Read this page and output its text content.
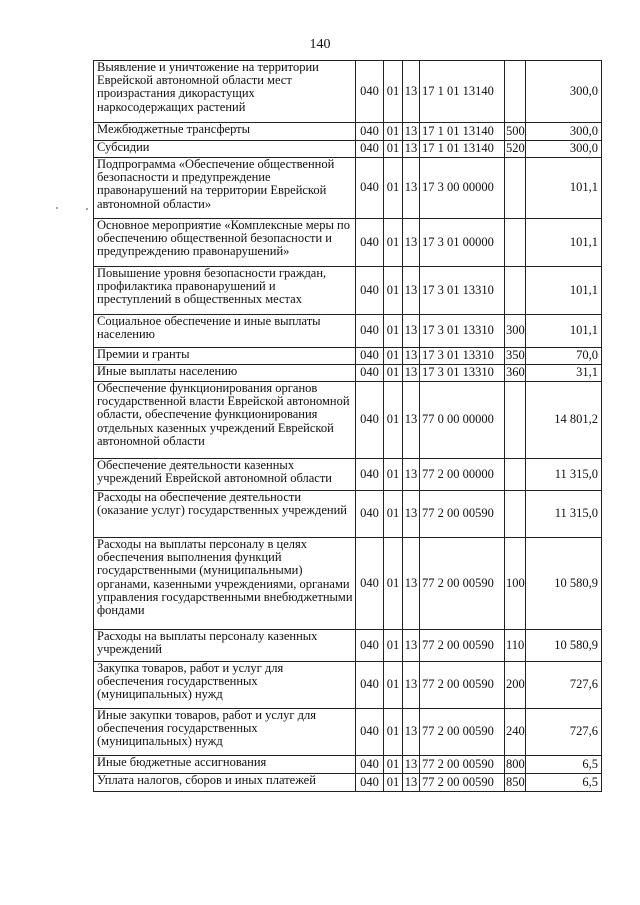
140
Выявление и уничтожение на территории Еврейской автономной области мест произрастания дикорастущих наркосодержащих растений	040	01	13	17 1 01 13140		300,0
Межбюджетные трансферты	040	01	13	17 1 01 13140	500	300,0
Субсидии	040	01	13	17 1 01 13140	520	300,0
Подпрограмма «Обеспечение общественной безопасности и предупреждение правонарушений на территории Еврейской автономной области»	040	01	13	17 3 00 00000		101,1
Основное мероприятие «Комплексные меры по обеспечению общественной безопасности и предупреждению правонарушений»	040	01	13	17 3 01 00000		101,1
Повышение уровня безопасности граждан, профилактика правонарушений и преступлений в общественных местах	040	01	13	17 3 01 13310		101,1
Социальное обеспечение и иные выплаты населению	040	01	13	17 3 01 13310	300	101,1
Премии и гранты	040	01	13	17 3 01 13310	350	70,0
Иные выплаты населению	040	01	13	17 3 01 13310	360	31,1
Обеспечение функционирования органов государственной власти Еврейской автономной области, обеспечение функционирования отдельных казенных учреждений Еврейской автономной области	040	01	13	77 0 00 00000		14 801,2
Обеспечение деятельности казенных учреждений Еврейской автономной области	040	01	13	77 2 00 00000		11 315,0
Расходы на обеспечение деятельности (оказание услуг) государственных учреждений	040	01	13	77 2 00 00590		11 315,0
Расходы на выплаты персоналу в целях обеспечения выполнения функций государственными (муниципальными) органами, казенными учреждениями, органами управления государственными внебюджетными фондами	040	01	13	77 2 00 00590	100	10 580,9
Расходы на выплаты персоналу казенных учреждений	040	01	13	77 2 00 00590	110	10 580,9
Закупка товаров, работ и услуг для обеспечения государственных (муниципальных) нужд	040	01	13	77 2 00 00590	200	727,6
Иные закупки товаров, работ и услуг для обеспечения государственных (муниципальных) нужд	040	01	13	77 2 00 00590	240	727,6
Иные бюджетные ассигнования	040	01	13	77 2 00 00590	800	6,5
Уплата налогов, сборов и иных платежей	040	01	13	77 2 00 00590	850	6,5
